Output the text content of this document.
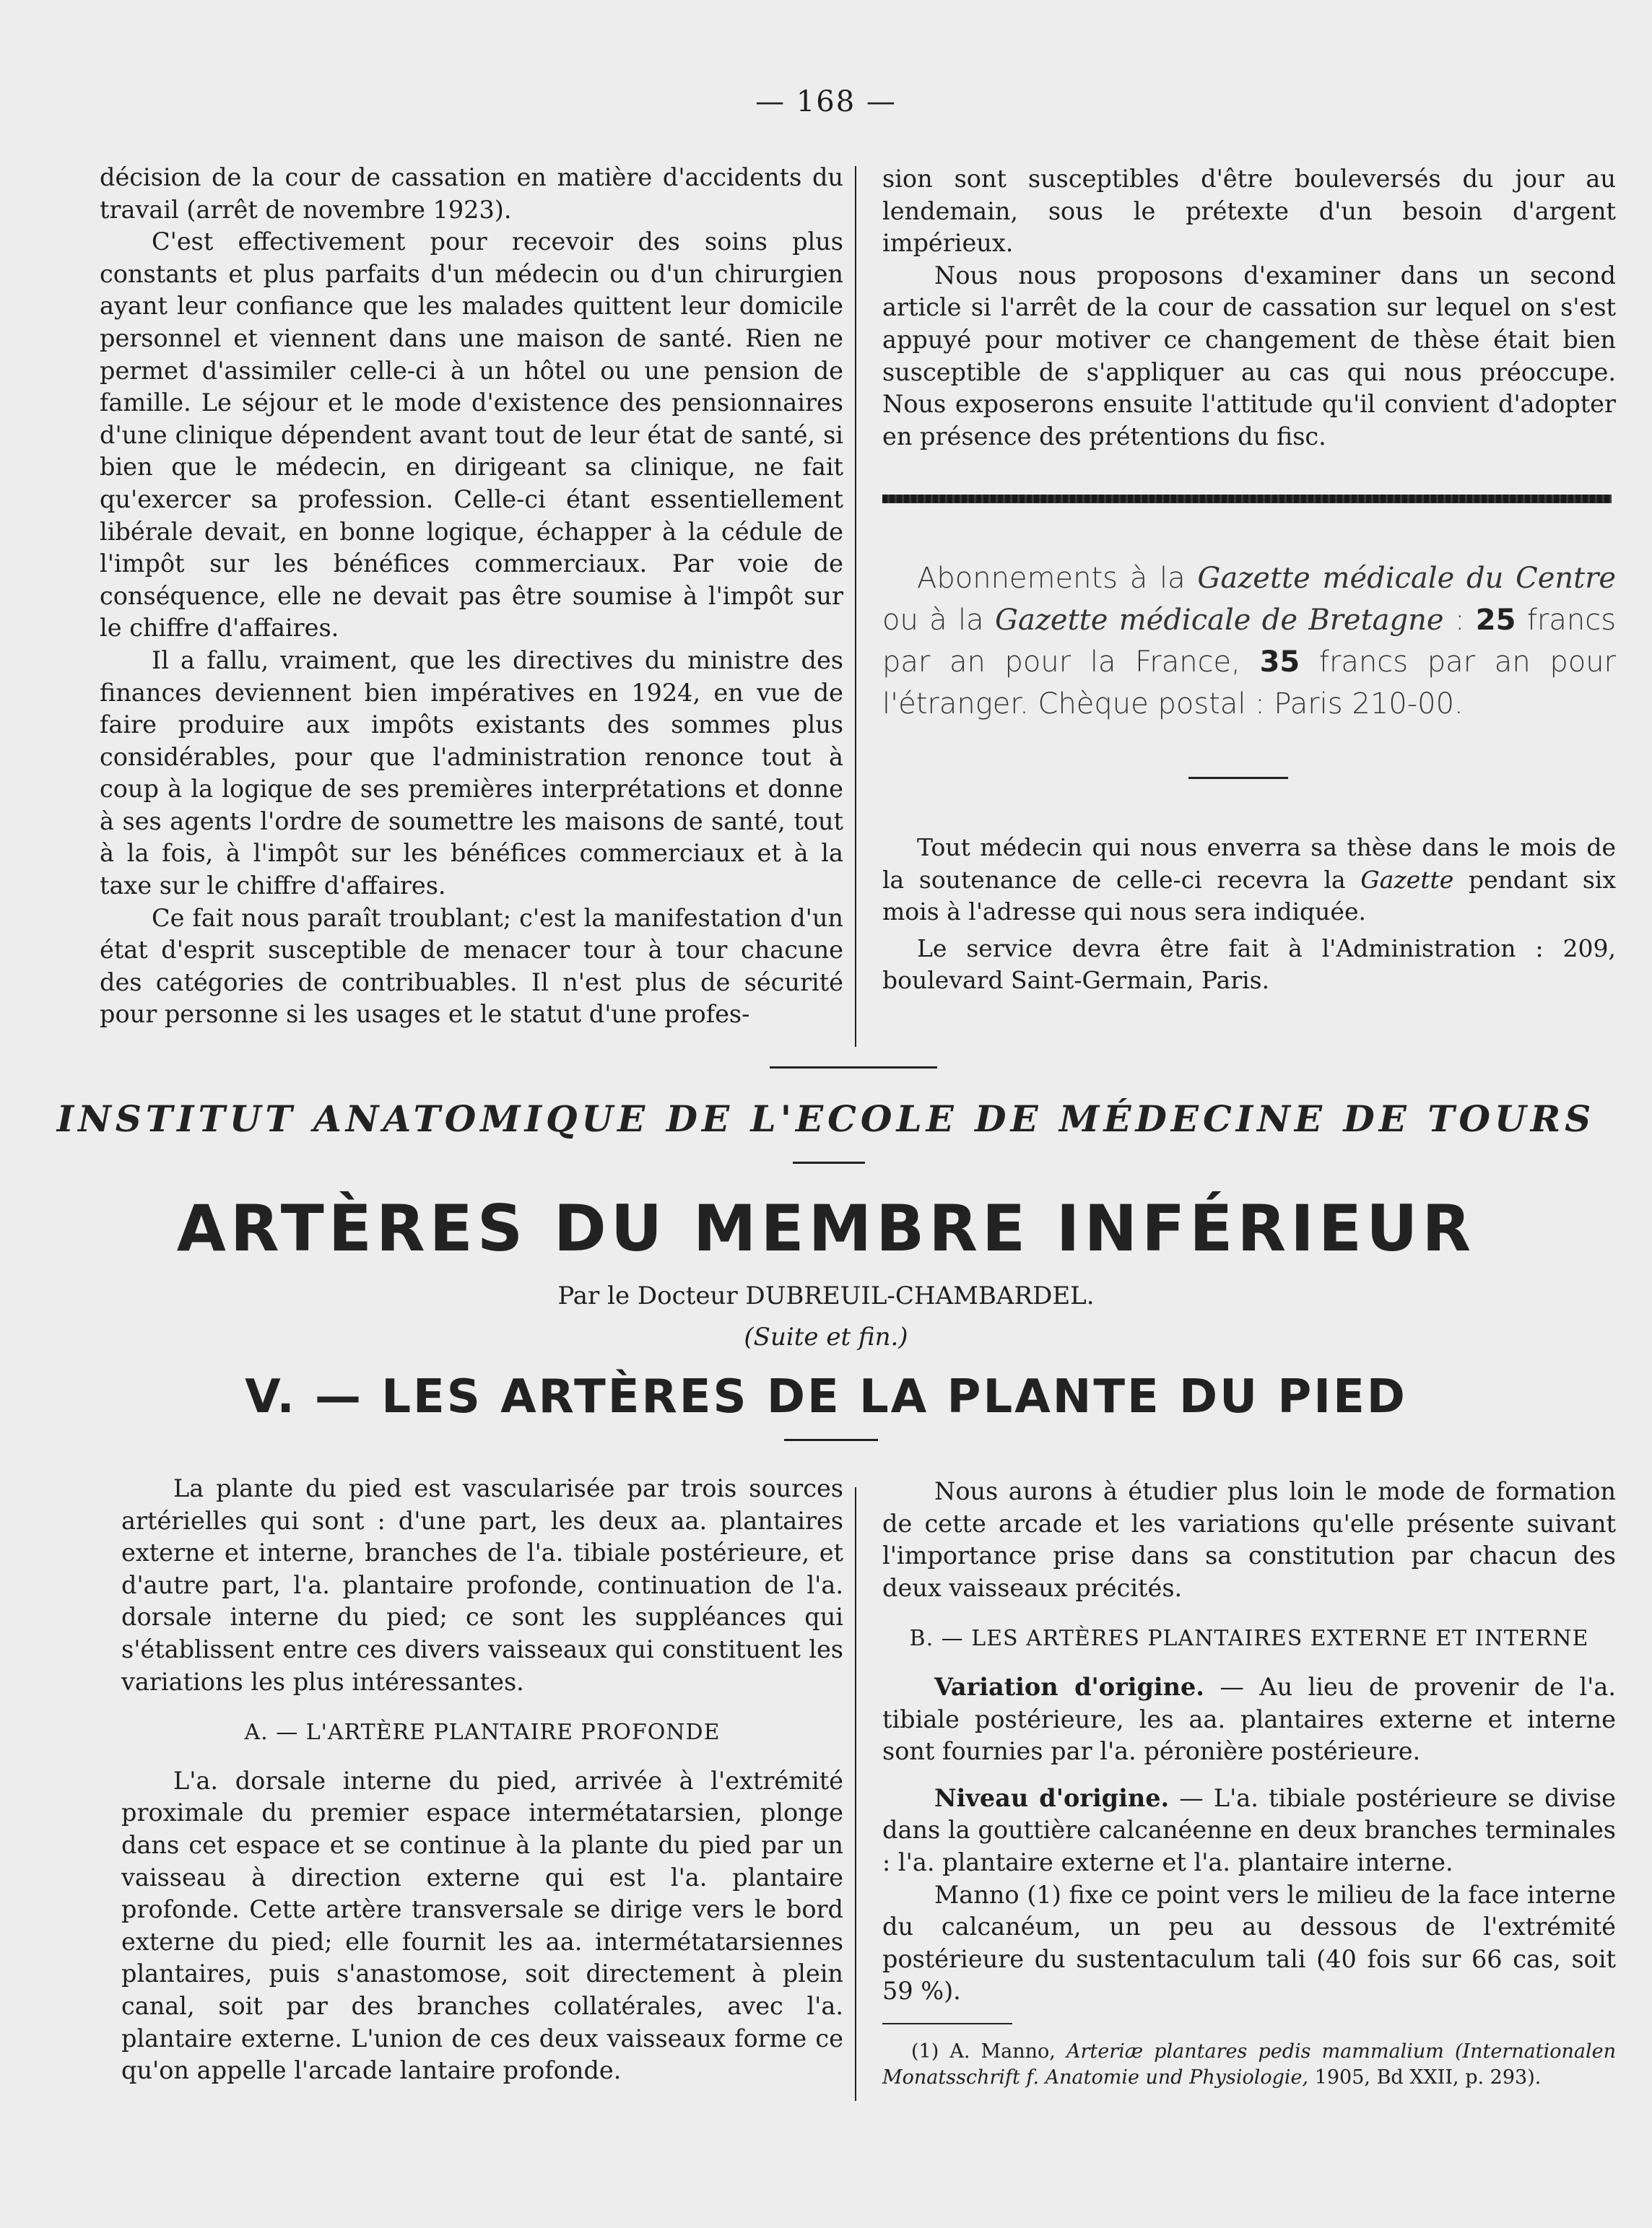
— 168 —

décision de la cour de cassation en matière d'accidents du travail (arrêt de novembre 1923).

C'est effectivement pour recevoir des soins plus constants et plus parfaits d'un médecin ou d'un chirurgien ayant leur confiance que les malades quittent leur domicile personnel et viennent dans une maison de santé. Rien ne permet d'assimiler celle-ci à un hôtel ou une pension de famille. Le séjour et le mode d'existence des pensionnaires d'une clinique dépendent avant tout de leur état de santé, si bien que le médecin, en dirigeant sa clinique, ne fait qu'exercer sa profession. Celle-ci étant essentiellement libérale devait, en bonne logique, échapper à la cédule de l'impôt sur les bénéfices commerciaux. Par voie de conséquence, elle ne devait pas être soumise à l'impôt sur le chiffre d'affaires.

Il a fallu, vraiment, que les directives du ministre des finances deviennent bien impératives en 1924, en vue de faire produire aux impôts existants des sommes plus considérables, pour que l'administration renonce tout à coup à la logique de ses premières interprétations et donne à ses agents l'ordre de soumettre les maisons de santé, tout à la fois, à l'impôt sur les bénéfices commerciaux et à la taxe sur le chiffre d'affaires.

Ce fait nous paraît troublant; c'est la manifestation d'un état d'esprit susceptible de menacer tour à tour chacune des catégories de contribuables. Il n'est plus de sécurité pour personne si les usages et le statut d'une profes-

sion sont susceptibles d'être bouleversés du jour au lendemain, sous le prétexte d'un besoin d'argent impérieux.

Nous nous proposons d'examiner dans un second article si l'arrêt de la cour de cassation sur lequel on s'est appuyé pour motiver ce changement de thèse était bien susceptible de s'appliquer au cas qui nous préoccupe. Nous exposerons ensuite l'attitude qu'il convient d'adopter en présence des prétentions du fisc.

Abonnements à la Gazette médicale du Centre ou à la Gazette médicale de Bretagne : 25 francs par an pour la France, 35 francs par an pour l'étranger. Chèque postal : Paris 210-00.

Tout médecin qui nous enverra sa thèse dans le mois de la soutenance de celle-ci recevra la Gazette pendant six mois à l'adresse qui nous sera indiquée.

Le service devra être fait à l'Administration : 209, boulevard Saint-Germain, Paris.

INSTITUT ANATOMIQUE DE L'ECOLE DE MÉDECINE DE TOURS
ARTÈRES DU MEMBRE INFÉRIEUR
Par le Docteur DUBREUIL-CHAMBARDEL.
(Suite et fin.)
V. — LES ARTÈRES DE LA PLANTE DU PIED

La plante du pied est vascularisée par trois sources artérielles qui sont : d'une part, les deux aa. plantaires externe et interne, branches de l'a. tibiale postérieure, et d'autre part, l'a. plantaire profonde, continuation de l'a. dorsale interne du pied; ce sont les suppléances qui s'établissent entre ces divers vaisseaux qui constituent les variations les plus intéressantes.

A. — L'ARTÈRE PLANTAIRE PROFONDE

L'a. dorsale interne du pied, arrivée à l'extrémité proximale du premier espace intermétatarsien, plonge dans cet espace et se continue à la plante du pied par un vaisseau à direction externe qui est l'a. plantaire profonde. Cette artère transversale se dirige vers le bord externe du pied; elle fournit les aa. intermétatarsiennes plantaires, puis s'anastomose, soit directement à plein canal, soit par des branches collatérales, avec l'a. plantaire externe. L'union de ces deux vaisseaux forme ce qu'on appelle l'arcade lantaire profonde.

Nous aurons à étudier plus loin le mode de formation de cette arcade et les variations qu'elle présente suivant l'importance prise dans sa constitution par chacun des deux vaisseaux précités.

B. — LES ARTÈRES PLANTAIRES EXTERNE ET INTERNE

Variation d'origine. — Au lieu de provenir de l'a. tibiale postérieure, les aa. plantaires externe et interne sont fournies par l'a. péronière postérieure.

Niveau d'origine. — L'a. tibiale postérieure se divise dans la gouttière calcanéenne en deux branches terminales : l'a. plantaire externe et l'a. plantaire interne.

Manno (1) fixe ce point vers le milieu de la face interne du calcanéum, un peu au dessous de l'extrémité postérieure du sustentaculum tali (40 fois sur 66 cas, soit 59 %).

(1) A. Manno, Arteriæ plantares pedis mammalium (Internationalen Monatsschrift f. Anatomie und Physiologie, 1905, Bd XXII, p. 293).
